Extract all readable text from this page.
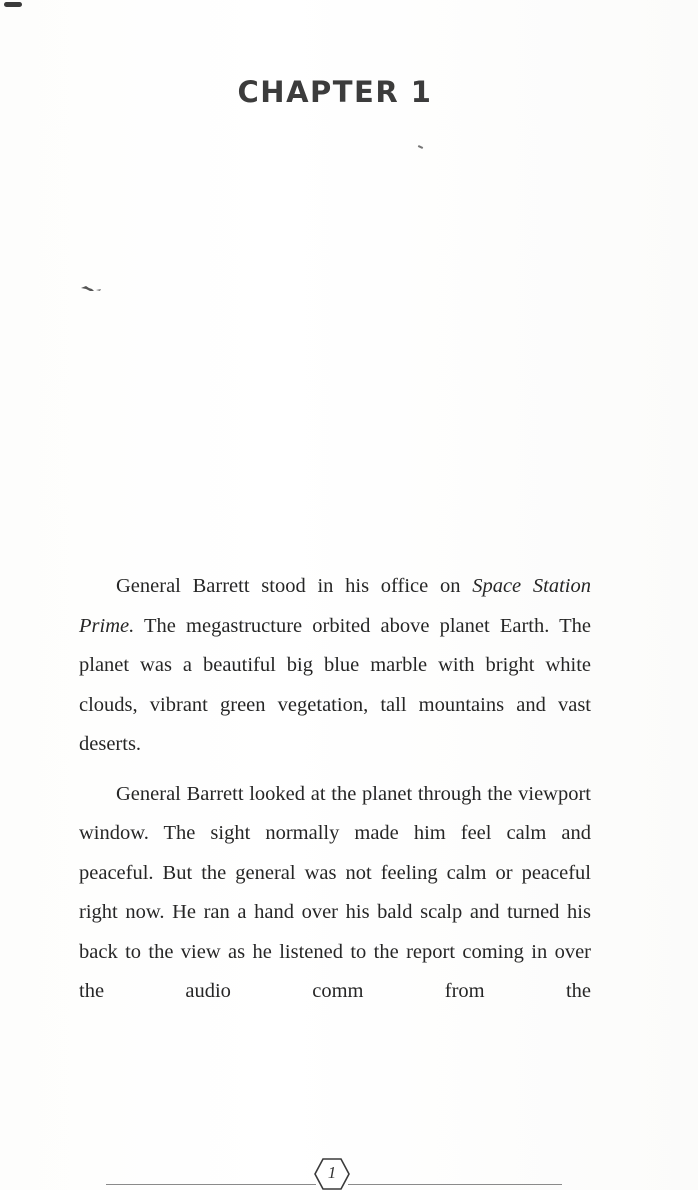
CHAPTER 1

General Barrett stood in his office on Space Station Prime. The megastructure orbited above planet Earth. The planet was a beautiful big blue marble with bright white clouds, vibrant green vegetation, tall mountains and vast deserts.

General Barrett looked at the planet through the viewport window. The sight normally made him feel calm and peaceful. But the general was not feeling calm or peaceful right now. He ran a hand over his bald scalp and turned his back to the view as he listened to the report coming in over the audio comm from the

1
